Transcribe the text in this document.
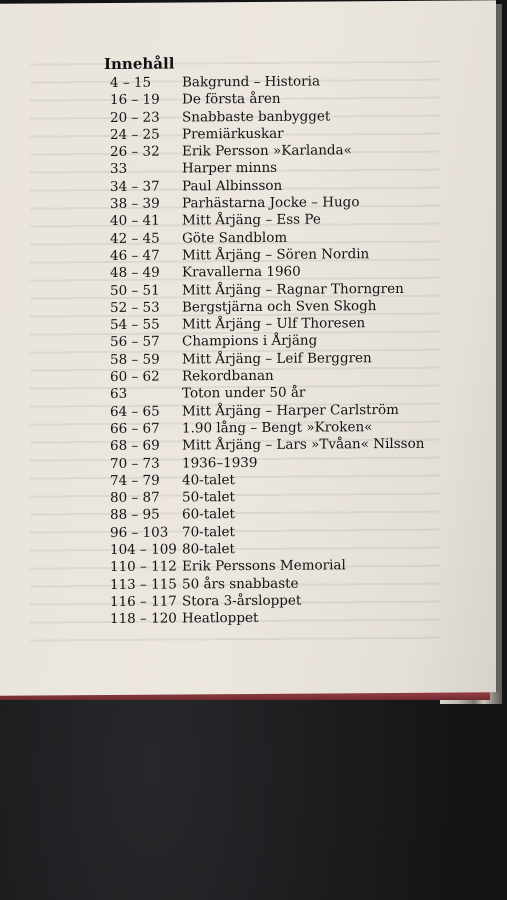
Innehåll
4 – 15	Bakgrund – Historia
16 – 19	De första åren
20 – 23	Snabbaste banbygget
24 – 25	Premiärkuskar
26 – 32	Erik Persson »Karlanda«
33	Harper minns
34 – 37	Paul Albinsson
38 – 39	Parhästarna Jocke – Hugo
40 – 41	Mitt Årjäng – Ess Pe
42 – 45	Göte Sandblom
46 – 47	Mitt Årjäng – Sören Nordin
48 – 49	Kravallerna 1960
50 – 51	Mitt Årjäng – Ragnar Thorngren
52 – 53	Bergstjärna och Sven Skogh
54 – 55	Mitt Årjäng – Ulf Thoresen
56 – 57	Champions i Årjäng
58 – 59	Mitt Årjäng – Leif Berggren
60 – 62	Rekordbanan
63	Toton under 50 år
64 – 65	Mitt Årjäng – Harper Carlström
66 – 67	1.90 lång – Bengt »Kroken«
68 – 69	Mitt Årjäng – Lars »Tvåan« Nilsson
70 – 73	1936–1939
74 – 79	40-talet
80 – 87	50-talet
88 – 95	60-talet
96 – 103	70-talet
104 – 109 80-talet
110 – 112 Erik Perssons Memorial
113 – 115 50 års snabbaste
116 – 117 Stora 3-årsloppet
118 – 120 Heatloppet
